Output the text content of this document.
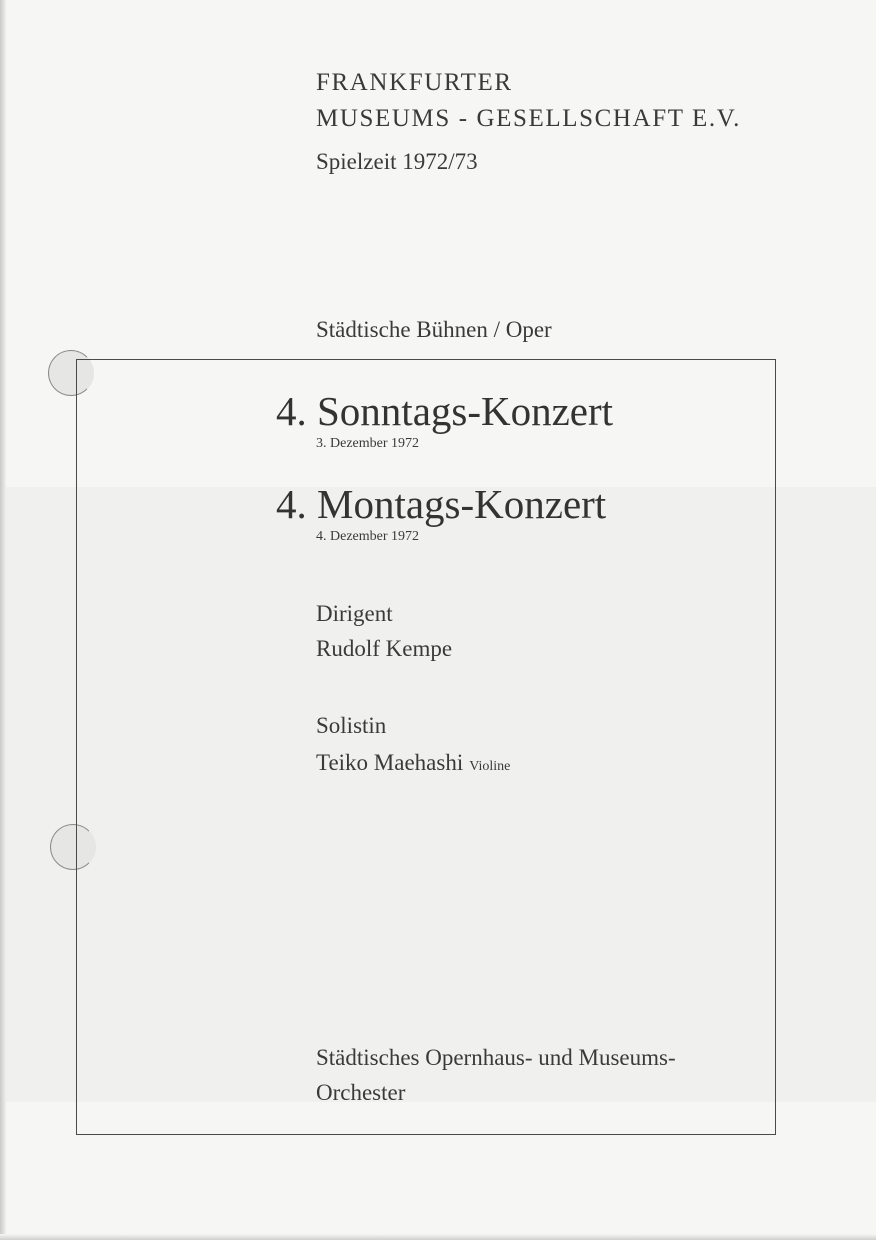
FRANKFURTER
MUSEUMS - GESELLSCHAFT E.V.
Spielzeit 1972/73
Städtische Bühnen / Oper
4. Sonntags-Konzert
3. Dezember 1972
4. Montags-Konzert
4. Dezember 1972
Dirigent
Rudolf Kempe
Solistin
Teiko Maehashi Violine
Städtisches Opernhaus- und Museums-
Orchester
